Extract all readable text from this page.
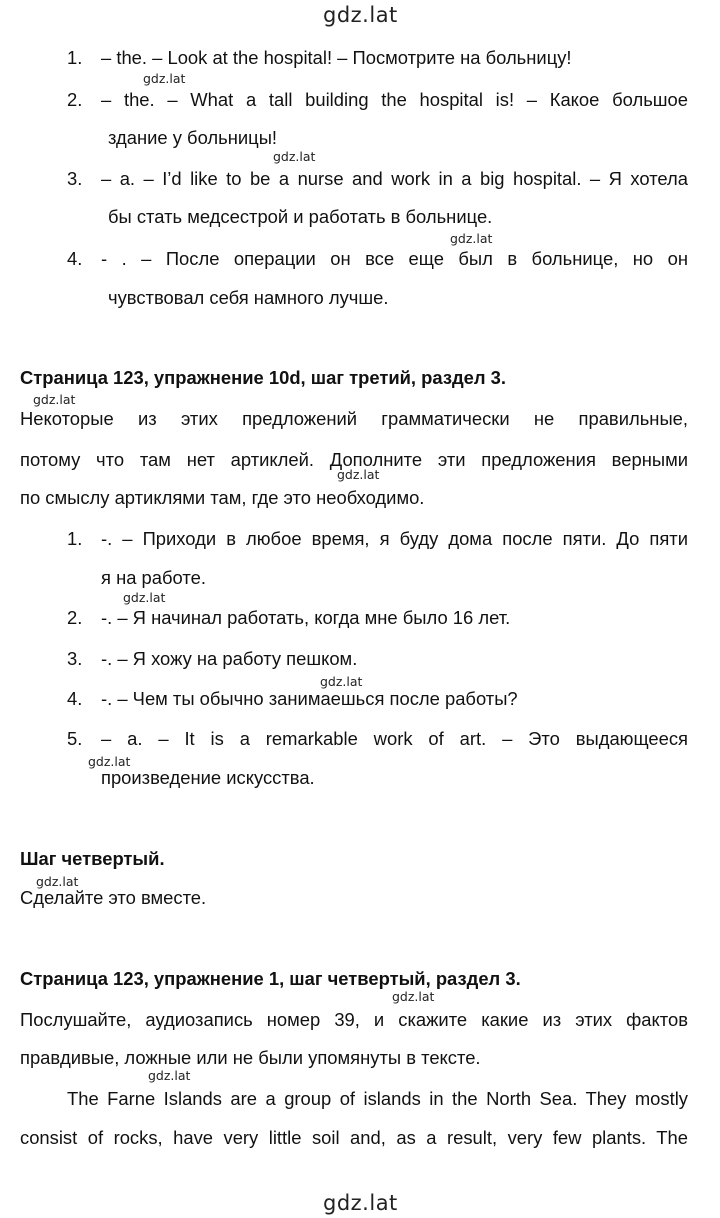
gdz.lat
gdz.lat
gdz.lat
gdz.lat
gdz.lat
gdz.lat
gdz.lat
gdz.lat
gdz.lat
gdz.lat
gdz.lat
gdz.lat
gdz.lat
1. – the. – Look at the hospital! – Посмотрите на больницу!
2. – the. – What a tall building the hospital is! – Какое большое
здание у больницы!
3. – a. – I’d like to be a nurse and work in a big hospital. – Я хотела
бы стать медсестрой и работать в больнице.
4. - . – После операции он все еще был в больнице, но он
чувствовал себя намного лучше.
Страница 123, упражнение 10d, шаг третий, раздел 3.
Некоторые из этих предложений грамматически не правильные,
потому что там нет артиклей. Дополните эти предложения верными
по смыслу артиклями там, где это необходимо.
1. -. – Приходи в любое время, я буду дома после пяти. До пяти
я на работе.
2. -. – Я начинал работать, когда мне было 16 лет.
3. -. – Я хожу на работу пешком.
4. -. – Чем ты обычно занимаешься после работы?
5. – a. – It is a remarkable work of art. – Это выдающееся
произведение искусства.
Шаг четвертый.
Сделайте это вместе.
Страница 123, упражнение 1, шаг четвертый, раздел 3.
Послушайте, аудиозапись номер 39, и скажите какие из этих фактов
правдивые, ложные или не были упомянуты в тексте.
The Farne Islands are a group of islands in the North Sea. They mostly
consist of rocks, have very little soil and, as a result, very few plants. The
